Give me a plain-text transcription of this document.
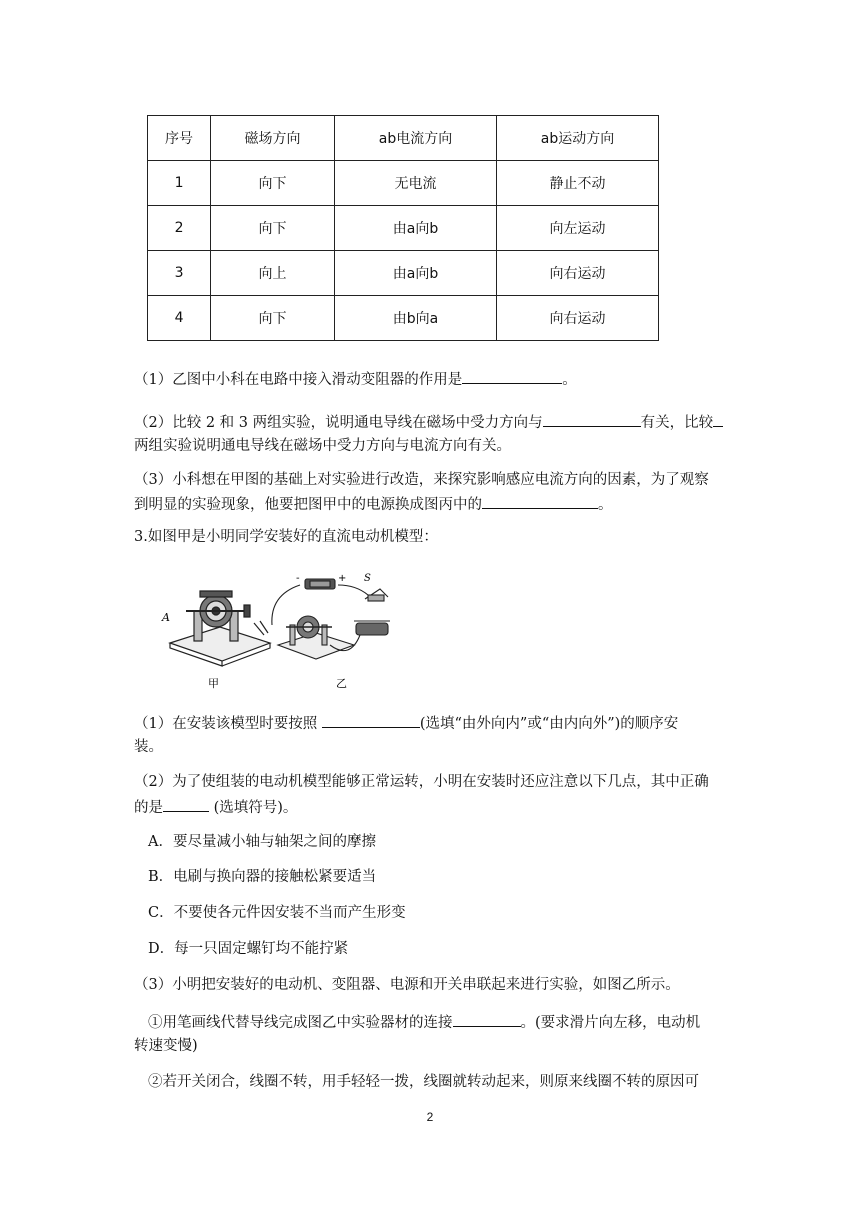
序号	磁场方向	ab电流方向	ab运动方向
1	向下	无电流	静止不动
2	向下	由a向b	向左运动
3	向上	由a向b	向右运动
4	向下	由b向a	向右运动
（1）乙图中小科在电路中接入滑动变阻器的作用是	。
（2）比较 2 和 3 两组实验，说明通电导线在磁场中受力方向与	有关，比较
两组实验说明通电导线在磁场中受力方向与电流方向有关。
（3）小科想在甲图的基础上对实验进行改造，来探究影响感应电流方向的因素，为了观察
到明显的实验现象，他要把图甲中的电源换成图丙中的	。
3.如图甲是小明同学安装好的直流电动机模型：
A
甲
-	+ S
乙
（1）在安装该模型时要按照	(选填“由外向内”或“由内向外”)的顺序安
装。
（2）为了使组装的电动机模型能够正常运转，小明在安装时还应注意以下几点，其中正确
的是	(选填符号)。
A．要尽量减小轴与轴架之间的摩擦
B．电刷与换向器的接触松紧要适当
C．不要使各元件因安装不当而产生形变
D．每一只固定螺钉均不能拧紧
（3）小明把安装好的电动机、变阻器、电源和开关串联起来进行实验，如图乙所示。
①用笔画线代替导线完成图乙中实验器材的连接	。(要求滑片向左移，电动机
转速变慢)
②若开关闭合，线圈不转，用手轻轻一拨，线圈就转动起来，则原来线圈不转的原因可
2
